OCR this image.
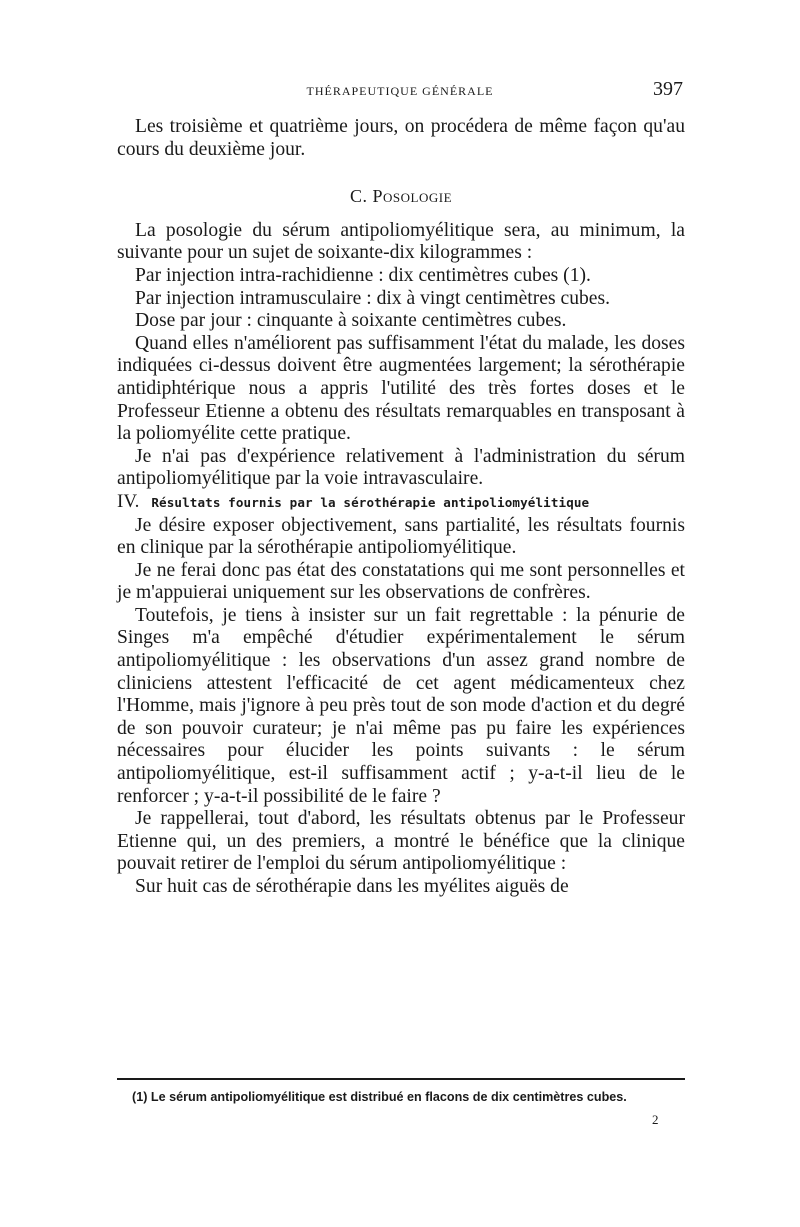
THÉRAPEUTIQUE GÉNÉRALE	397

Les troisième et quatrième jours, on procédera de même façon qu'au cours du deuxième jour.

C. Posologie

La posologie du sérum antipoliomyélitique sera, au minimum, la suivante pour un sujet de soixante-dix kilogrammes :

Par injection intra-rachidienne : dix centimètres cubes (1).

Par injection intramusculaire : dix à vingt centimètres cubes.

Dose par jour : cinquante à soixante centimètres cubes.

Quand elles n'améliorent pas suffisamment l'état du malade, les doses indiquées ci-dessus doivent être augmentées largement; la sérothérapie antidiphtérique nous a appris l'utilité des très fortes doses et le Professeur Etienne a obtenu des résultats remarquables en transposant à la poliomyélite cette pratique.

Je n'ai pas d'expérience relativement à l'administration du sérum antipoliomyélitique par la voie intravasculaire.

IV. Résultats fournis par la sérothérapie antipoliomyélitique

Je désire exposer objectivement, sans partialité, les résultats fournis en clinique par la sérothérapie antipoliomyélitique.

Je ne ferai donc pas état des constatations qui me sont personnelles et je m'appuierai uniquement sur les observations de confrères.

Toutefois, je tiens à insister sur un fait regrettable : la pénurie de Singes m'a empêché d'étudier expérimentalement le sérum antipoliomyélitique : les observations d'un assez grand nombre de cliniciens attestent l'efficacité de cet agent médicamenteux chez l'Homme, mais j'ignore à peu près tout de son mode d'action et du degré de son pouvoir curateur; je n'ai même pas pu faire les expériences nécessaires pour élucider les points suivants : le sérum antipoliomyélitique, est-il suffisamment actif ; y-a-t-il lieu de le renforcer ; y-a-t-il possibilité de le faire ?

Je rappellerai, tout d'abord, les résultats obtenus par le Professeur Etienne qui, un des premiers, a montré le bénéfice que la clinique pouvait retirer de l'emploi du sérum antipoliomyélitique :

Sur huit cas de sérothérapie dans les myélites aiguës de

(1) Le sérum antipoliomyélitique est distribué en flacons de dix centimètres cubes.
2
